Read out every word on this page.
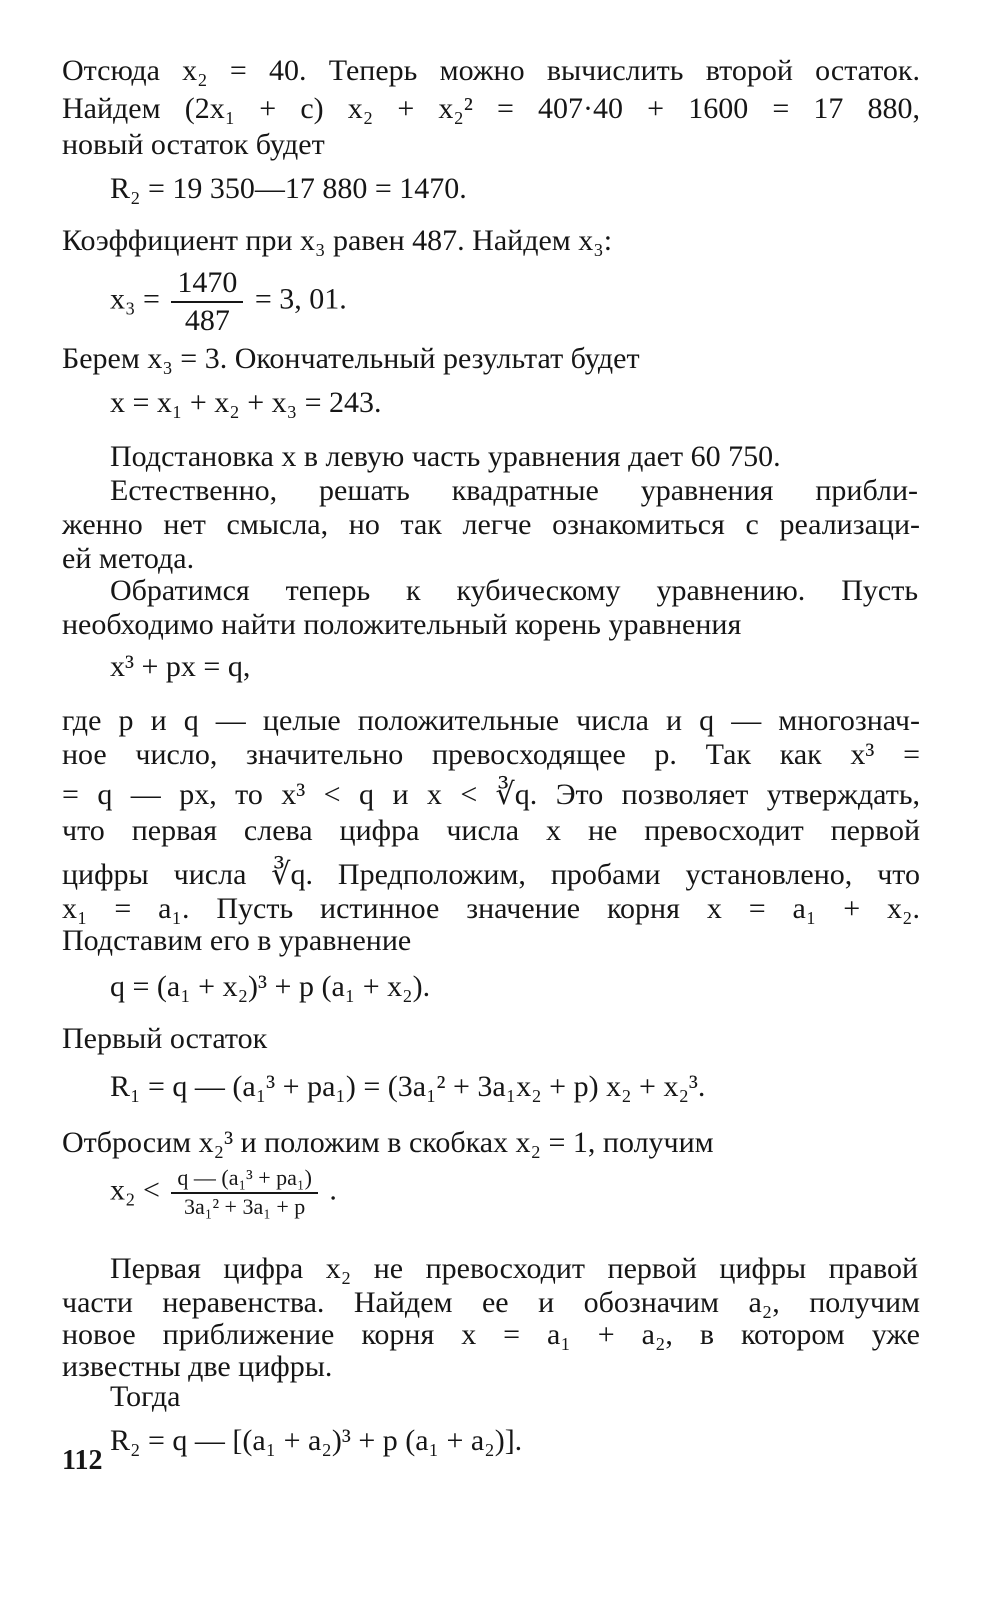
Отсюда x₂ = 40. Теперь можно вычислить второй остаток.
Найдем (2x₁ + c) x₂ + x₂² = 407·40 + 1600 = 17 880,
новый остаток будет
R₂ = 19 350—17 880 = 1470.
Коэффициент при x₃ равен 487. Найдем x₃:
$x_3 = \frac{1470}{487} = 3$, 01.
Берем x₃ = 3. Окончательный результат будет
x = x₁ + x₂ + x₃ = 243.
Подстановка x в левую часть уравнения дает 60 750.
Естественно, решать квадратные уравнения прибли-
женно нет смысла, но так легче ознакомиться с реализаци-
ей метода.
Обратимся теперь к кубическому уравнению. Пусть
необходимо найти положительный корень уравнения
x³ + px = q,
где p и q — целые положительные числа и q — многознач-
ное число, значительно превосходящее p. Так как x³ =
= q — px, то x³ < q и x < ∛q. Это позволяет утверждать,
что первая слева цифра числа x не превосходит первой
цифры числа ∛q. Предположим, пробами установлено, что
x₁ = a₁. Пусть истинное значение корня x = a₁ + x₂.
Подставим его в уравнение
q = (a₁ + x₂)³ + p (a₁ + x₂).
Первый остаток
R₁ = q — (a₁³ + pa₁) = (3a₁² + 3a₁x₂ + p) x₂ + x₂³.
Отбросим x₂³ и положим в скобках x₂ = 1, получим
$x_2 < \frac{\text{q — (a₁³ + pa₁)}}{\text{3a₁² + 3a₁ + p}}$ .
Первая цифра x₂ не превосходит первой цифры правой
части неравенства. Найдем ее и обозначим a₂, получим
новое приближение корня x = a₁ + a₂, в котором уже
известны две цифры.
Тогда
R₂ = q — [(a₁ + a₂)³ + p (a₁ + a₂)].
112
